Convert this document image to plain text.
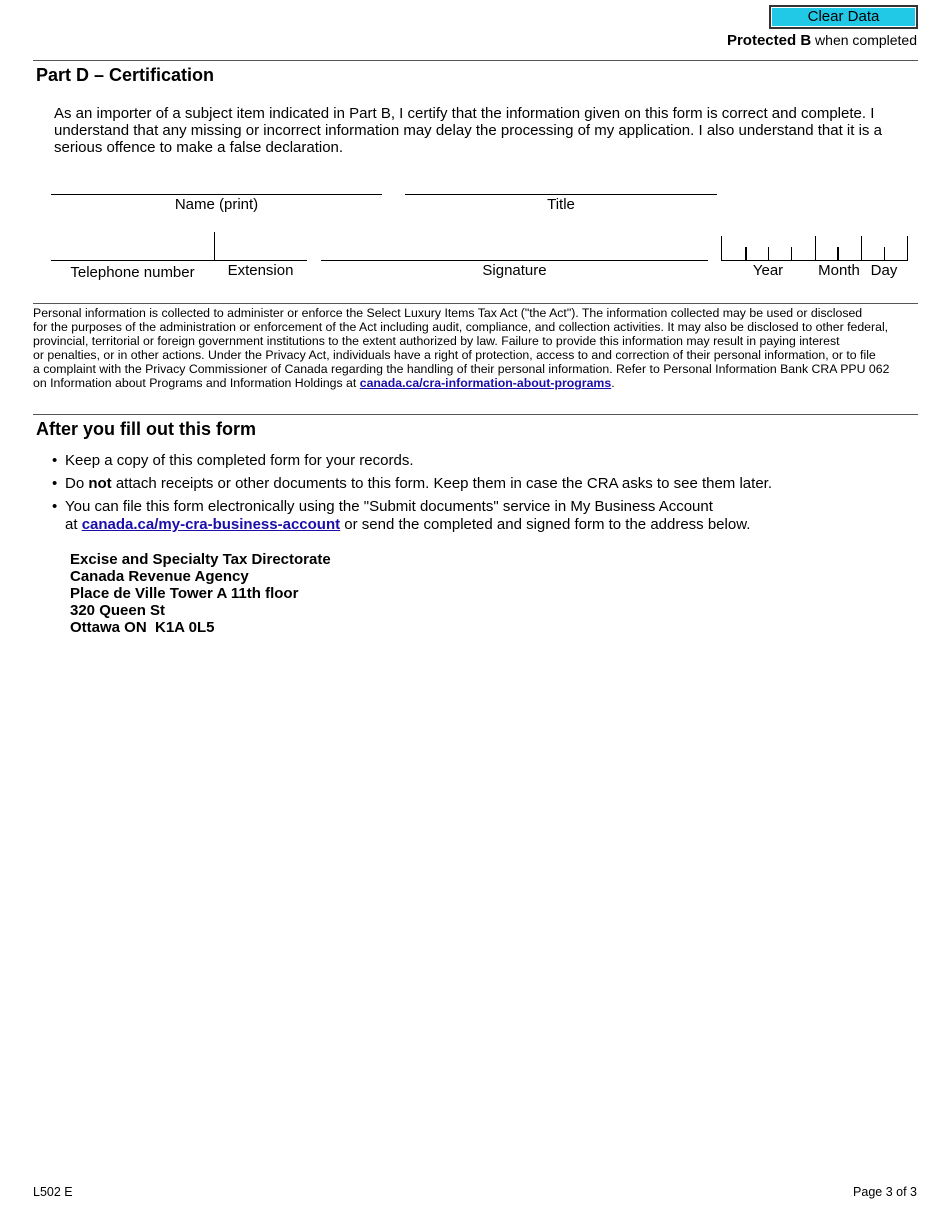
Clear Data
Protected B when completed
Part D – Certification
As an importer of a subject item indicated in Part B, I certify that the information given on this form is correct and complete. I understand that any missing or incorrect information may delay the processing of my application. I also understand that it is a serious offence to make a false declaration.
Name (print)	Title
Telephone number	Extension	Signature	Year	Month Day
Personal information is collected to administer or enforce the Select Luxury Items Tax Act ("the Act"). The information collected may be used or disclosed
for the purposes of the administration or enforcement of the Act including audit, compliance, and collection activities. It may also be disclosed to other federal,
provincial, territorial or foreign government institutions to the extent authorized by law. Failure to provide this information may result in paying interest
or penalties, or in other actions. Under the Privacy Act, individuals have a right of protection, access to and correction of their personal information, or to file
a complaint with the Privacy Commissioner of Canada regarding the handling of their personal information. Refer to Personal Information Bank CRA PPU 062
on Information about Programs and Information Holdings at canada.ca/cra-information-about-programs.
After you fill out this form
• Keep a copy of this completed form for your records.
• Do not attach receipts or other documents to this form. Keep them in case the CRA asks to see them later.
• You can file this form electronically using the "Submit documents" service in My Business Account
at canada.ca/my-cra-business-account or send the completed and signed form to the address below.
Excise and Specialty Tax Directorate
Canada Revenue Agency
Place de Ville Tower A 11th floor
320 Queen St
Ottawa ON  K1A 0L5
L502 E	Page 3 of 3
